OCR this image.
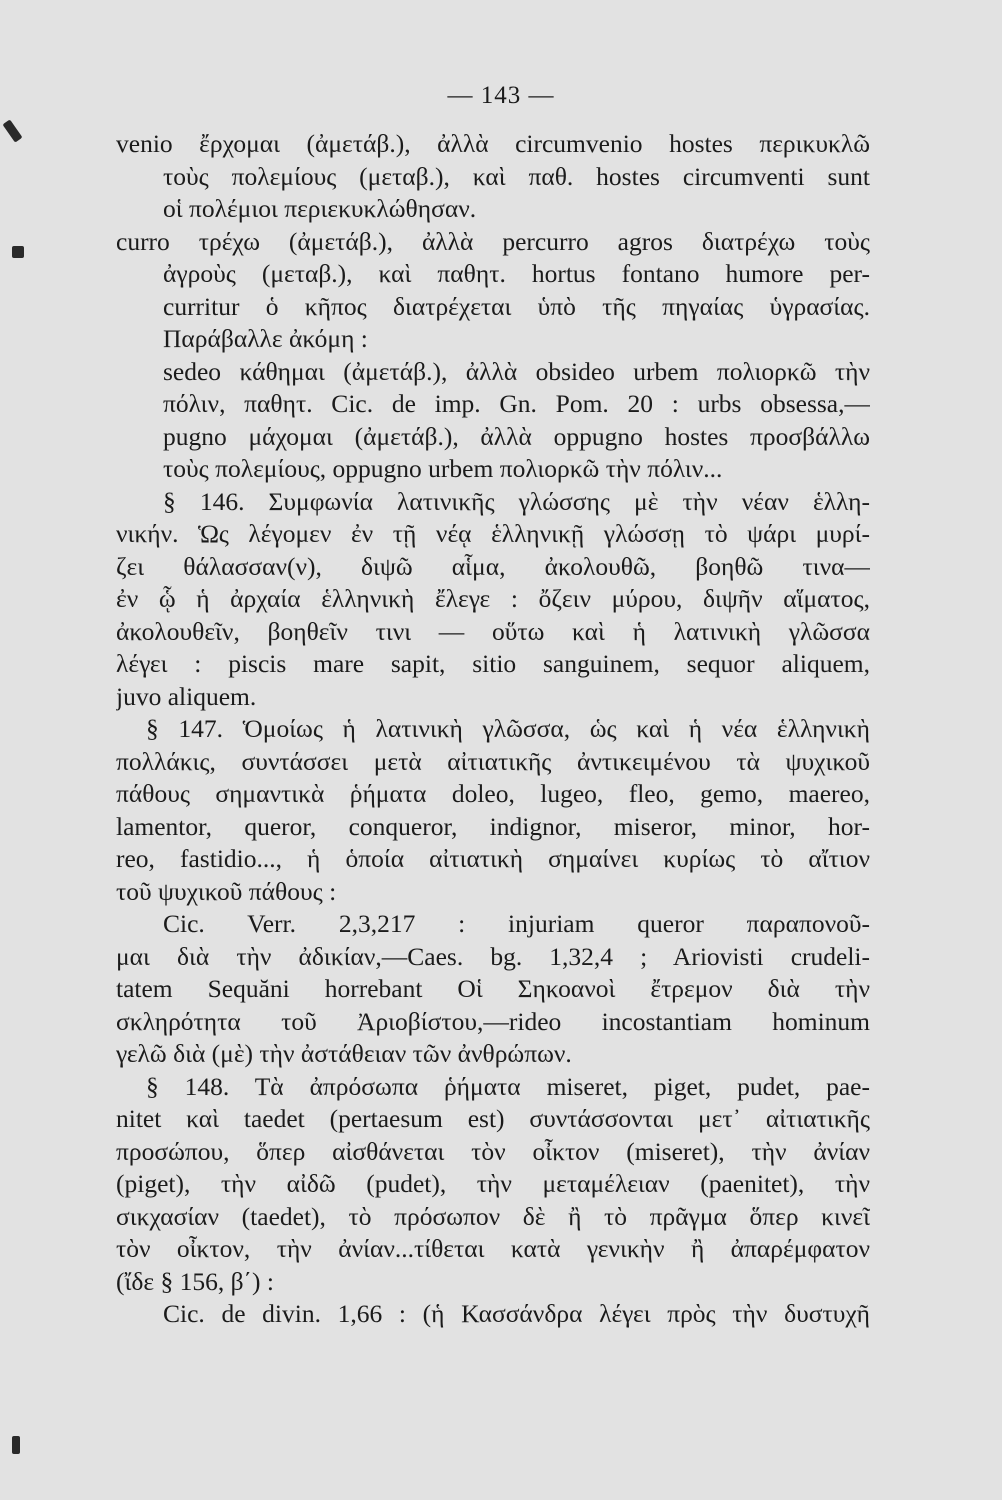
— 143 —
venio ἔρχομαι (ἀμετάβ.), ἀλλὰ circumvenio hostes περικυκλῶ
τοὺς πολεμίους (μεταβ.), καὶ παθ. hostes circumventi sunt
οἱ πολέμιοι περιεκυκλώθησαν.
curro τρέχω (ἀμετάβ.), ἀλλὰ percurro agros διατρέχω τοὺς
ἀγροὺς (μεταβ.), καὶ παθητ. hortus fontano humore per-
curritur ὁ κῆπος διατρέχεται ὑπὸ τῆς πηγαίας ὑγρασίας.
Παράβαλλε ἀκόμη :
sedeo κάθημαι (ἀμετάβ.), ἀλλὰ obsideo urbem πολιορκῶ τὴν
πόλιν, παθητ. Cic. de imp. Gn. Pom. 20 : urbs obsessa,—
pugno μάχομαι (ἀμετάβ.), ἀλλὰ oppugno hostes προσβάλλω
τοὺς πολεμίους, oppugno urbem πολιορκῶ τὴν πόλιν...
§ 146. Συμφωνία λατινικῆς γλώσσης μὲ τὴν νέαν ἑλλη-
νικήν. Ὡς λέγομεν ἐν τῇ νέᾳ ἑλληνικῇ γλώσσῃ τὸ ψάρι μυρί-
ζει θάλασσαν(ν), διψῶ αἷμα, ἀκολουθῶ, βοηθῶ τινα—
ἐν ᾧ ἡ ἀρχαία ἑλληνικὴ ἔλεγε : ὄζειν μύρου, διψῆν αἵματος,
ἀκολουθεῖν, βοηθεῖν τινι — οὕτω καὶ ἡ λατινικὴ γλῶσσα
λέγει : piscis mare sapit, sitio sanguinem, sequor aliquem,
juvo aliquem.
§ 147. Ὁμοίως ἡ λατινικὴ γλῶσσα, ὡς καὶ ἡ νέα ἑλληνικὴ
πολλάκις, συντάσσει μετὰ αἰτιατικῆς ἀντικειμένου τὰ ψυχικοῦ
πάθους σημαντικὰ ῥήματα doleo, lugeo, fleo, gemo, maereo,
lamentor, queror, conqueror, indignor, miseror, minor, hor-
reo, fastidio..., ἡ ὁποία αἰτιατικὴ σημαίνει κυρίως τὸ αἴτιον
τοῦ ψυχικοῦ πάθους :
Cic. Verr. 2,3,217 : injuriam queror παραπονοῦ-
μαι διὰ τὴν ἀδικίαν,—Caes. bg. 1,32,4 ; Ariovisti crudeli-
tatem Sequăni horrebant Οἱ Σηκοανοὶ ἔτρεμον διὰ τὴν
σκληρότητα τοῦ Ἀριοβίστου,—rideo incostantiam hominum
γελῶ διὰ (μὲ) τὴν ἀστάθειαν τῶν ἀνθρώπων.
§ 148. Τὰ ἀπρόσωπα ῥήματα miseret, piget, pudet, pae-
nitet καὶ taedet (pertaesum est) συντάσσονται μετ᾽ αἰτιατικῆς
προσώπου, ὅπερ αἰσθάνεται τὸν οἶκτον (miseret), τὴν ἀνίαν
(piget), τὴν αἰδῶ (pudet), τὴν μεταμέλειαν (paenitet), τὴν
σικχασίαν (taedet), τὸ πρόσωπον δὲ ἢ τὸ πρᾶγμα ὅπερ κινεῖ
τὸν οἶκτον, τὴν ἀνίαν...τίθεται κατὰ γενικὴν ἢ ἀπαρέμφατον
(ἴδε § 156, β΄) :
Cic. de divin. 1,66 : (ἡ Κασσάνδρα λέγει πρὸς τὴν δυστυχῆ
